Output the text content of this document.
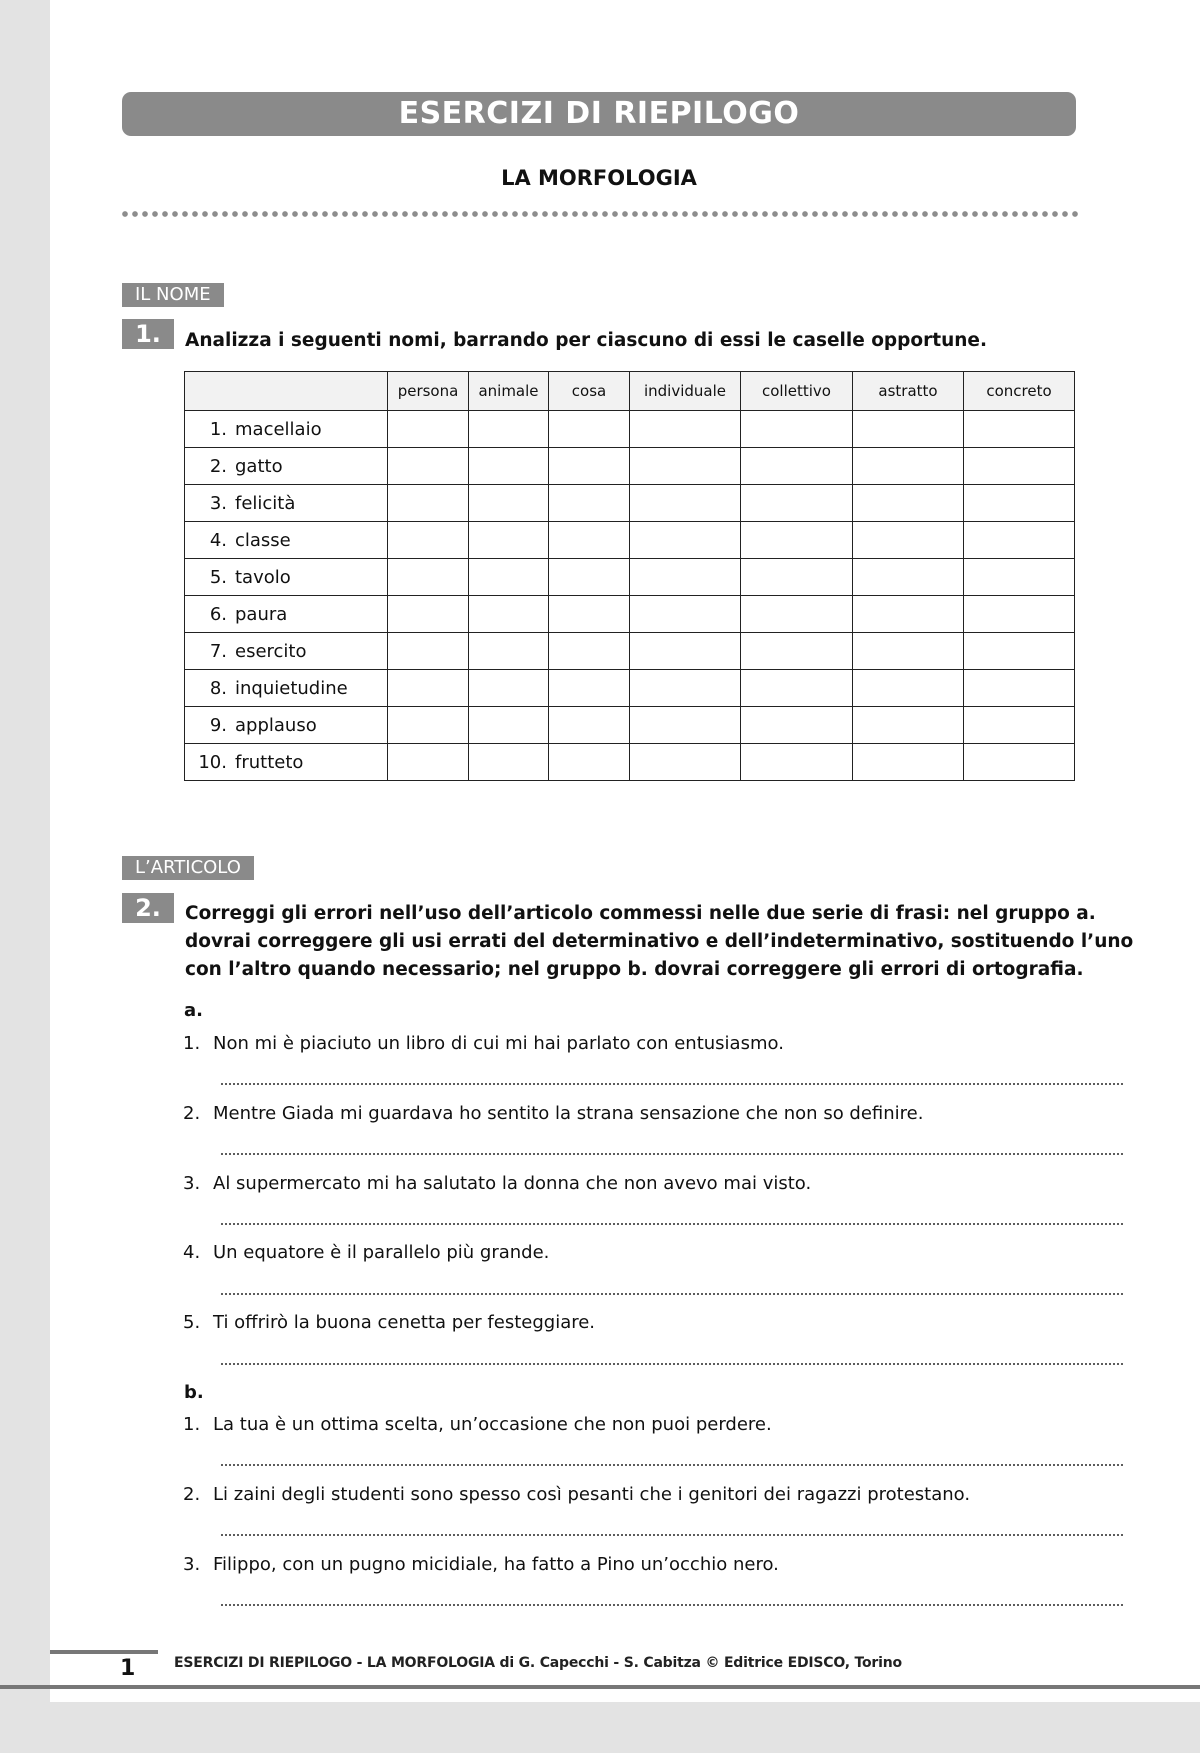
ESERCIZI DI RIEPILOGO
LA MORFOLOGIA
IL NOME
1.	Analizza i seguenti nomi, barrando per ciascuno di essi le caselle opportune.
	persona	animale	cosa	individuale	collettivo	astratto	concreto
1. macellaio							
2. gatto							
3. felicità							
4. classe							
5. tavolo							
6. paura							
7. esercito							
8. inquietudine							
9. applauso							
10. frutteto							
L’ARTICOLO
2.	Correggi gli errori nell’uso dell’articolo commessi nelle due serie di frasi: nel gruppo a.
dovrai correggere gli usi errati del determinativo e dell’indeterminativo, sostituendo l’uno
con l’altro quando necessario; nel gruppo b. dovrai correggere gli errori di ortografia.
a.
1. Non mi è piaciuto un libro di cui mi hai parlato con entusiasmo.
2. Mentre Giada mi guardava ho sentito la strana sensazione che non so definire.
3. Al supermercato mi ha salutato la donna che non avevo mai visto.
4. Un equatore è il parallelo più grande.
5. Ti offrirò la buona cenetta per festeggiare.
b.
1. La tua è un ottima scelta, un’occasione che non puoi perdere.
2. Li zaini degli studenti sono spesso così pesanti che i genitori dei ragazzi protestano.
3. Filippo, con un pugno micidiale, ha fatto a Pino un’occhio nero.
1	ESERCIZI DI RIEPILOGO - LA MORFOLOGIA di G. Capecchi - S. Cabitza © Editrice EDISCO, Torino
